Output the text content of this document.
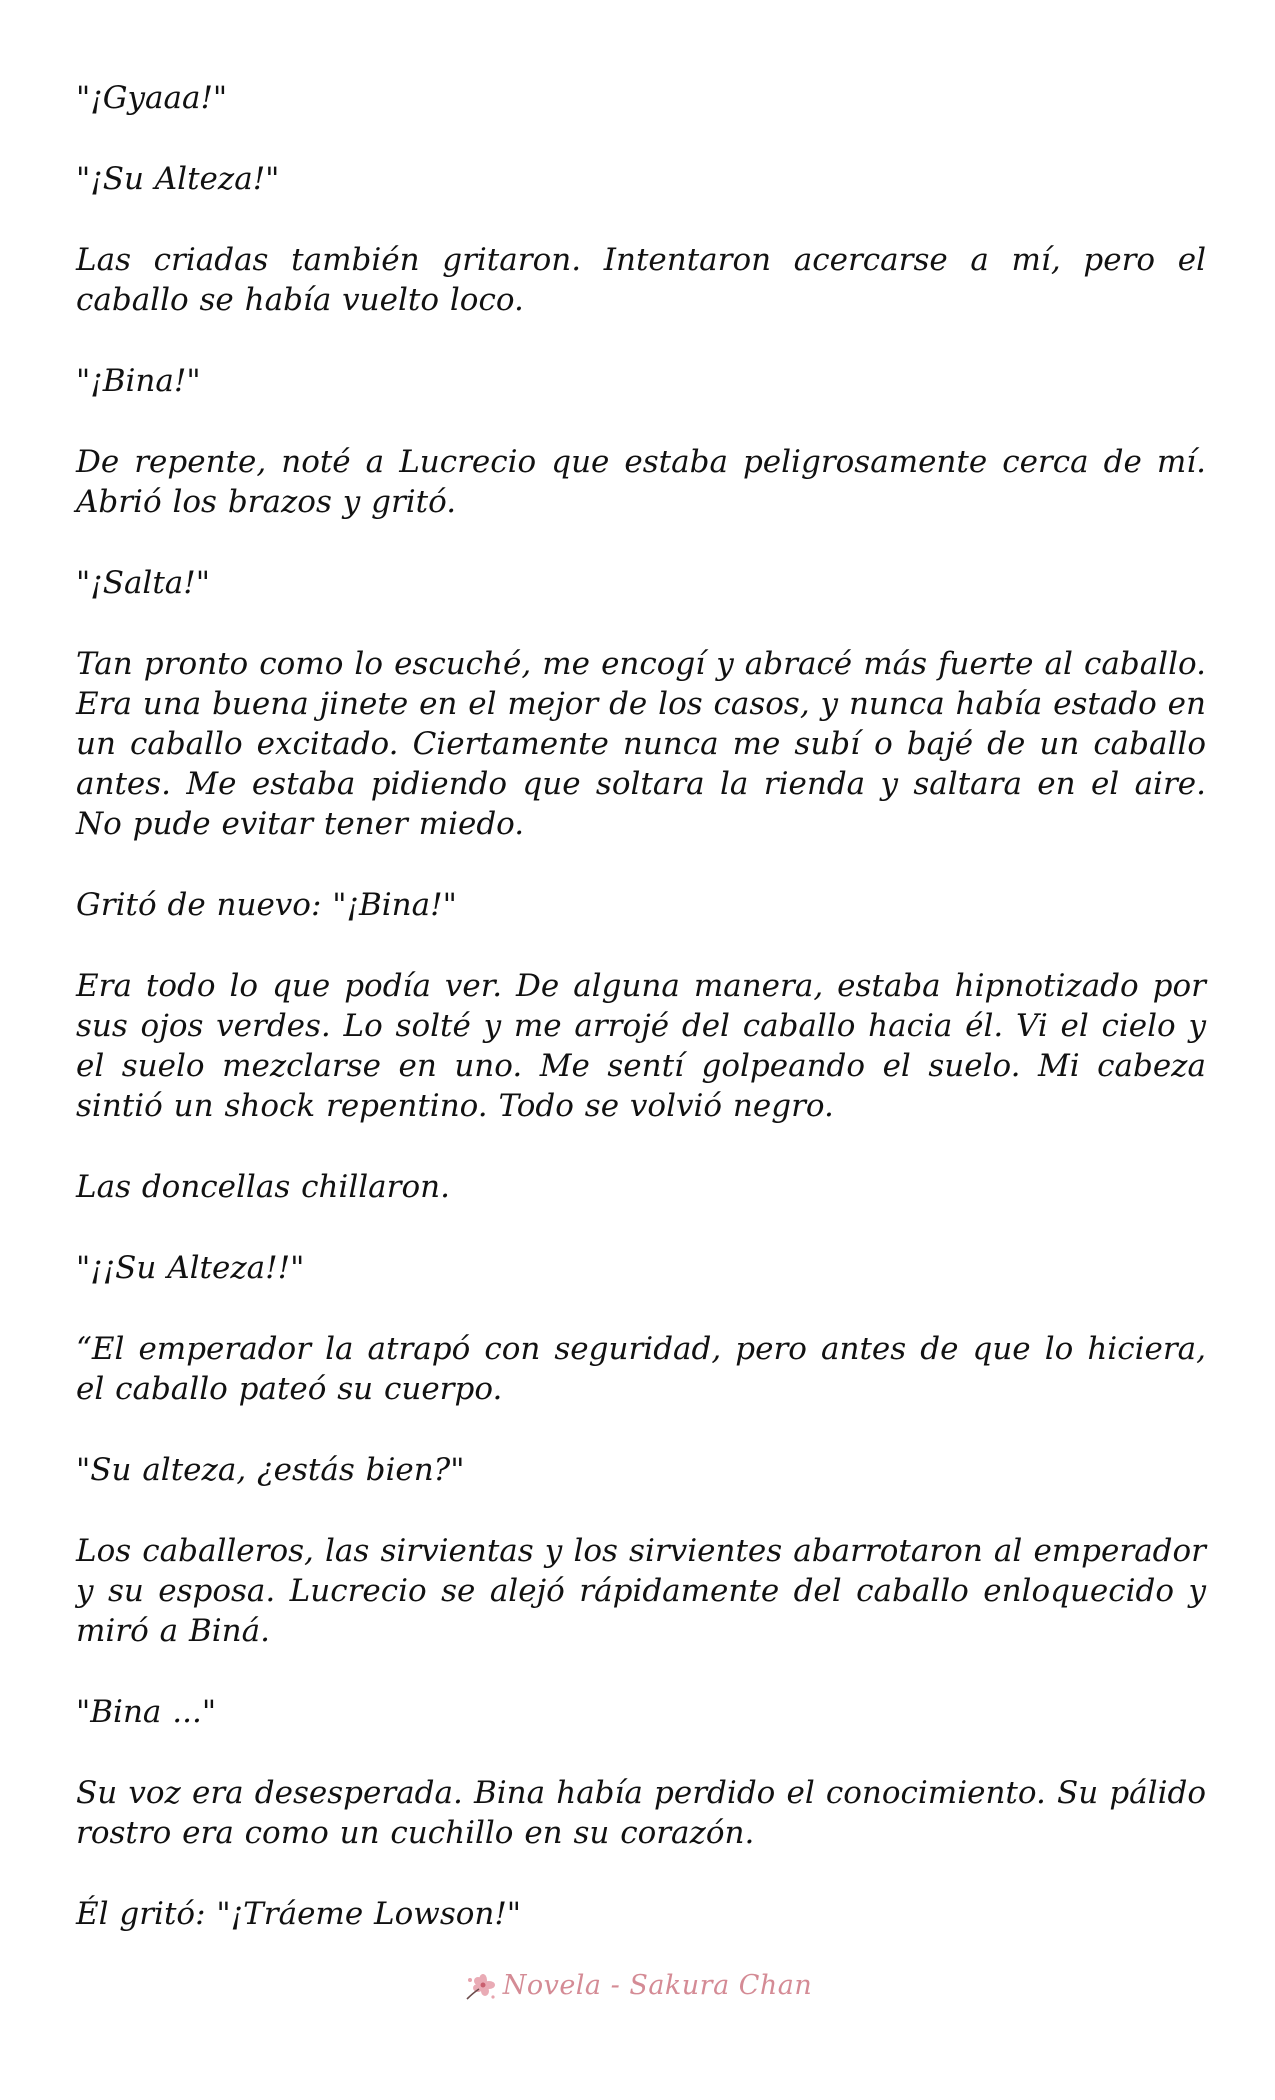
"¡Gyaaa!"

"¡Su Alteza!"

Las criadas también gritaron. Intentaron acercarse a mí, pero el caballo se había vuelto loco.

"¡Bina!"

De repente, noté a Lucrecio que estaba peligrosamente cerca de mí. Abrió los brazos y gritó.

"¡Salta!"

Tan pronto como lo escuché, me encogí y abracé más fuerte al caballo. Era una buena jinete en el mejor de los casos, y nunca había estado en un caballo excitado. Ciertamente nunca me subí o bajé de un caballo antes. Me estaba pidiendo que soltara la rienda y saltara en el aire. No pude evitar tener miedo.

Gritó de nuevo: "¡Bina!"

Era todo lo que podía ver. De alguna manera, estaba hipnotizado por sus ojos verdes. Lo solté y me arrojé del caballo hacia él. Vi el cielo y el suelo mezclarse en uno. Me sentí golpeando el suelo. Mi cabeza sintió un shock repentino. Todo se volvió negro.

Las doncellas chillaron.

"¡¡Su Alteza!!"

“El emperador la atrapó con seguridad, pero antes de que lo hiciera, el caballo pateó su cuerpo.

"Su alteza, ¿estás bien?"

Los caballeros, las sirvientas y los sirvientes abarrotaron al emperador y su esposa. Lucrecio se alejó rápidamente del caballo enloquecido y miró a Biná.

"Bina ..."

Su voz era desesperada. Bina había perdido el conocimiento. Su pálido rostro era como un cuchillo en su corazón.

Él gritó: "¡Tráeme Lowson!"

Novela - Sakura Chan
